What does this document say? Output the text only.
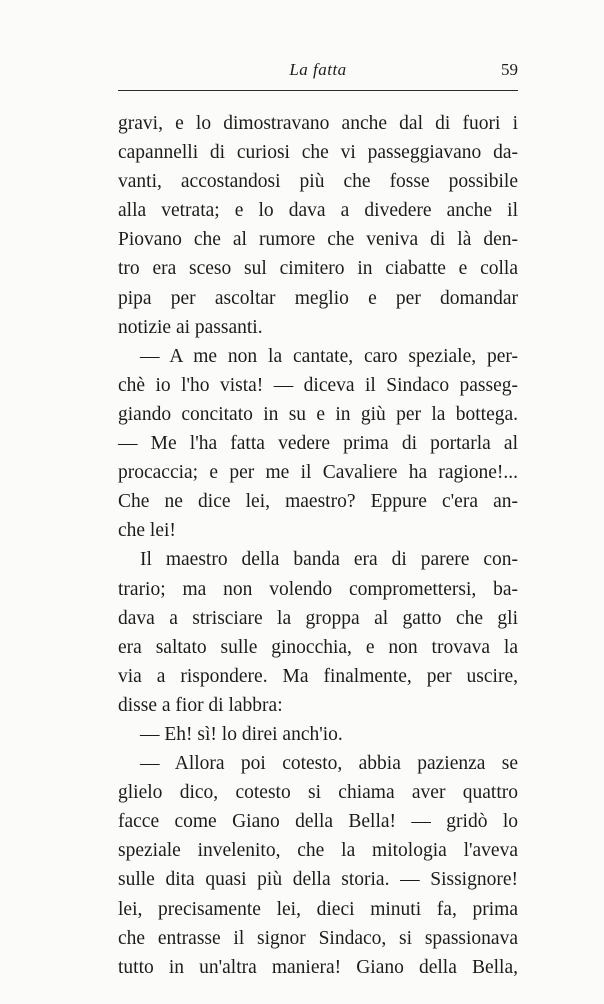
La fatta	59
gravi, e lo dimostravano anche dal di fuori i
capannelli di curiosi che vi passeggiavano da-
vanti, accostandosi più che fosse possibile
alla vetrata; e lo dava a divedere anche il
Piovano che al rumore che veniva di là den-
tro era sceso sul cimitero in ciabatte e colla
pipa per ascoltar meglio e per domandar
notizie ai passanti.
— A me non la cantate, caro speziale, per-
chè io l'ho vista! — diceva il Sindaco passeg-
giando concitato in su e in giù per la bottega.
— Me l'ha fatta vedere prima di portarla al
procaccia; e per me il Cavaliere ha ragione!...
Che ne dice lei, maestro? Eppure c'era an-
che lei!
Il maestro della banda era di parere con-
trario; ma non volendo compromettersi, ba-
dava a strisciare la groppa al gatto che gli
era saltato sulle ginocchia, e non trovava la
via a rispondere. Ma finalmente, per uscire,
disse a fior di labbra:
— Eh! sì! lo direi anch'io.
— Allora poi cotesto, abbia pazienza se
glielo dico, cotesto si chiama aver quattro
facce come Giano della Bella! — gridò lo
speziale invelenito, che la mitologia l'aveva
sulle dita quasi più della storia. — Sissignore!
lei, precisamente lei, dieci minuti fa, prima
che entrasse il signor Sindaco, si spassionava
tutto in un'altra maniera! Giano della Bella,
